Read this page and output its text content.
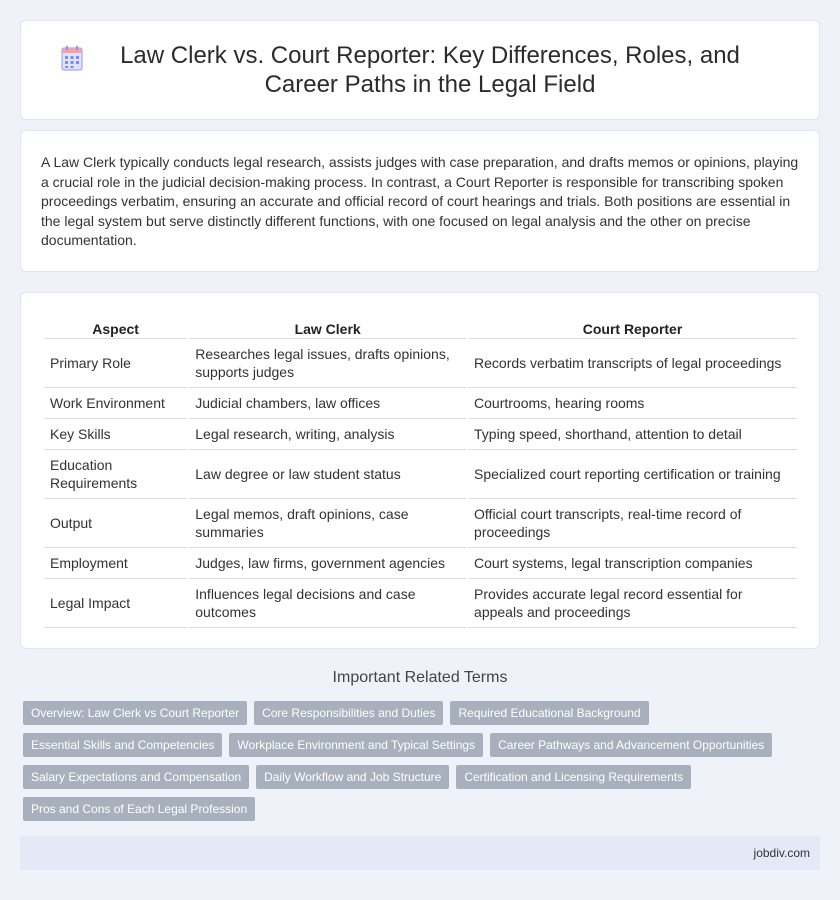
Law Clerk vs. Court Reporter: Key Differences, Roles, and Career Paths in the Legal Field

A Law Clerk typically conducts legal research, assists judges with case preparation, and drafts memos or opinions, playing a crucial role in the judicial decision-making process. In contrast, a Court Reporter is responsible for transcribing spoken proceedings verbatim, ensuring an accurate and official record of court hearings and trials. Both positions are essential in the legal system but serve distinctly different functions, with one focused on legal analysis and the other on precise documentation.

Aspect	Law Clerk	Court Reporter
Primary Role	Researches legal issues, drafts opinions, supports judges	Records verbatim transcripts of legal proceedings
Work Environment	Judicial chambers, law offices	Courtrooms, hearing rooms
Key Skills	Legal research, writing, analysis	Typing speed, shorthand, attention to detail
Education Requirements	Law degree or law student status	Specialized court reporting certification or training
Output	Legal memos, draft opinions, case summaries	Official court transcripts, real-time record of proceedings
Employment	Judges, law firms, government agencies	Court systems, legal transcription companies
Legal Impact	Influences legal decisions and case outcomes	Provides accurate legal record essential for appeals and proceedings
Important Related Terms
Overview: Law Clerk vs Court Reporter	Core Responsibilities and Duties	Required Educational Background
Essential Skills and Competencies	Workplace Environment and Typical Settings	Career Pathways and Advancement Opportunities
Salary Expectations and Compensation	Daily Workflow and Job Structure	Certification and Licensing Requirements
Pros and Cons of Each Legal Profession
jobdiv.com
